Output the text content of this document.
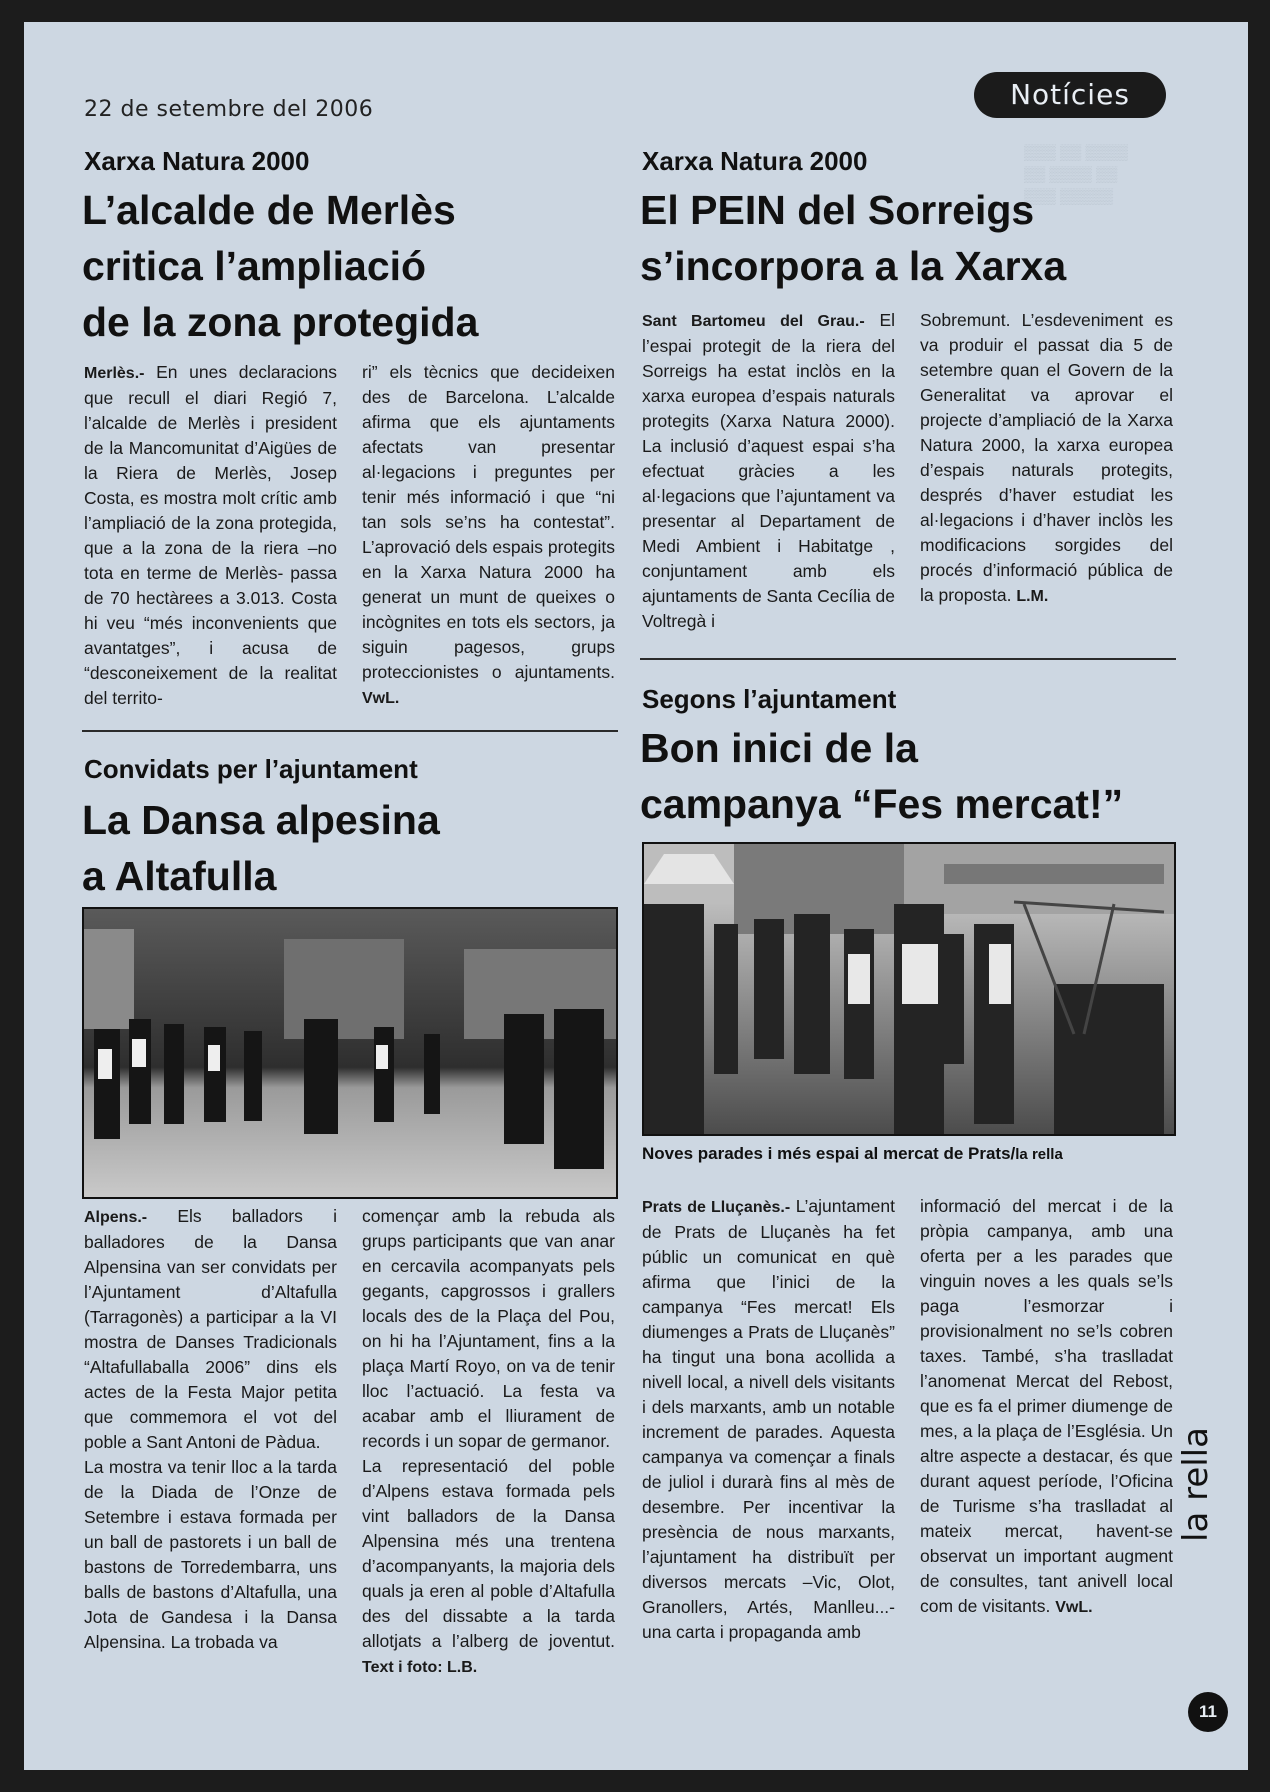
▒▒▒ ▒▒ ▒▒▒▒
▒▒ ▒▒▒▒ ▒▒
▒▒▒ ▒▒▒▒▒
22 de setembre del 2006	Notícies
Xarxa Natura 2000
L’alcalde de Merlès
critica l’ampliació
de la zona protegida

Merlès.- En unes declaracions que recull el diari Regió 7, l’alcalde de Merlès i president de la Mancomunitat d’Aigües de la Riera de Merlès, Josep Costa, es mostra molt crític amb l’ampliació de la zona protegida, que a la zona de la riera –no tota en terme de Merlès- passa de 70 hectàrees a 3.013. Costa hi veu “més inconvenients que avantatges”, i acusa de “desconeixement de la realitat del territo-

ri” els tècnics que decideixen des de Barcelona. L’alcalde afirma que els ajuntaments afectats van presentar al·legacions i preguntes per tenir més informació i que “ni tan sols se’ns ha contestat”. L’aprovació dels espais protegits en la Xarxa Natura 2000 ha generat un munt de queixes o incògnites en tots els sectors, ja siguin pagesos, grups proteccionistes o ajuntaments. VwL.

Convidats per l’ajuntament
La Dansa alpesina
a Altafulla

Alpens.- Els balladors i balladores de la Dansa Alpensina van ser convidats per l’Ajuntament d’Altafulla (Tarragonès) a participar a la VI mostra de Danses Tradicionals “Altafullaballa 2006” dins els actes de la Festa Major petita que commemora el vot del poble a Sant Antoni de Pàdua.
La mostra va tenir lloc a la tarda de la Diada de l’Onze de Setembre i estava formada per un ball de pastorets i un ball de bastons de Torredembarra, uns balls de bastons d’Altafulla, una Jota de Gandesa i la Dansa Alpensina. La trobada va

començar amb la rebuda als grups participants que van anar en cercavila acompanyats pels gegants, capgrossos i grallers locals des de la Plaça del Pou, on hi ha l’Ajuntament, fins a la plaça Martí Royo, on va de tenir lloc l’actuació. La festa va acabar amb el lliurament de records i un sopar de germanor.
La representació del poble d’Alpens estava formada pels vint balladors de la Dansa Alpensina més una trentena d’acompanyants, la majoria dels quals ja eren al poble d’Altafulla des del dissabte a la tarda allotjats a l’alberg de joventut. Text i foto: L.B.

Xarxa Natura 2000
El PEIN del Sorreigs
s’incorpora a la Xarxa

Sant Bartomeu del Grau.- El l’espai protegit de la riera del Sorreigs ha estat inclòs en la xarxa europea d’espais naturals protegits (Xarxa Natura 2000). La inclusió d’aquest espai s’ha efectuat gràcies a les al·legacions que l’ajuntament va presentar al Departament de Medi Ambient i Habitatge , conjuntament amb els ajuntaments de Santa Cecília de Voltregà i

Sobremunt. L’esdeveniment es va produir el passat dia 5 de setembre quan el Govern de la Generalitat va aprovar el projecte d’ampliació de la Xarxa Natura 2000, la xarxa europea d’espais naturals protegits, després d’haver estudiat les al·legacions i d’haver inclòs les modificacions sorgides del procés d’informació pública de la proposta. L.M.

Segons l’ajuntament
Bon inici de la
campanya “Fes mercat!”
Noves parades i més espai al mercat de Prats/la rella

Prats de Lluçanès.- L’ajuntament de Prats de Lluçanès ha fet públic un comunicat en què afirma que l’inici de la campanya “Fes mercat! Els diumenges a Prats de Lluçanès” ha tingut una bona acollida a nivell local, a nivell dels visitants i dels marxants, amb un notable increment de parades. Aquesta campanya va començar a finals de juliol i durarà fins al mès de desembre. Per incentivar la presència de nous marxants, l’ajuntament ha distribuït per diversos mercats –Vic, Olot, Granollers, Artés, Manlleu...- una carta i propaganda amb

informació del mercat i de la pròpia campanya, amb una oferta per a les parades que vinguin noves a les quals se’ls paga l’esmorzar i provisionalment no se’ls cobren taxes. També, s’ha traslladat l’anomenat Mercat del Rebost, que es fa el primer diumenge de mes, a la plaça de l’Església. Un altre aspecte a destacar, és que durant aquest període, l’Oficina de Turisme s’ha traslladat al mateix mercat, havent-se observat un important augment de consultes, tant anivell local com de visitants. VwL.

la rella
11
